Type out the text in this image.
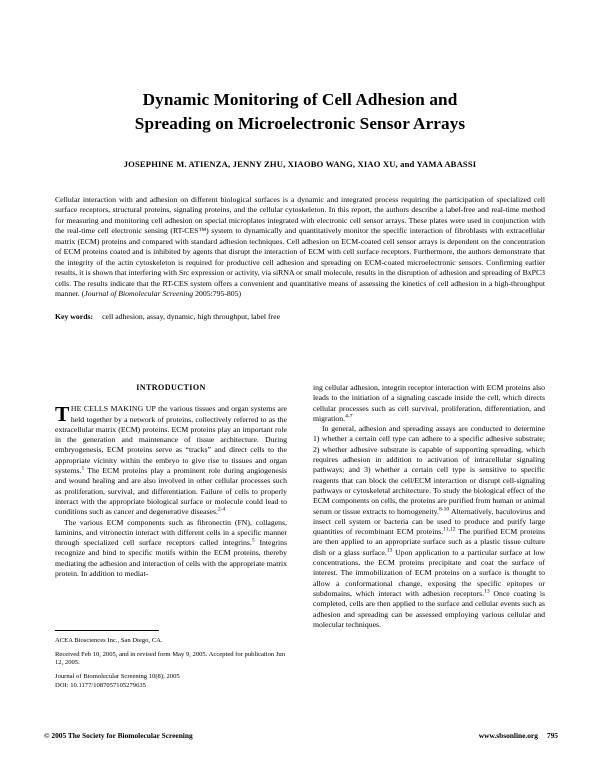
Dynamic Monitoring of Cell Adhesion and
Spreading on Microelectronic Sensor Arrays
JOSEPHINE M. ATIENZA, JENNY ZHU, XIAOBO WANG, XIAO XU, and YAMA ABASSI
Cellular interaction with and adhesion on different biological surfaces is a dynamic and integrated process requiring the participation of specialized cell surface receptors, structural proteins, signaling proteins, and the cellular cytoskeleton. In this report, the authors describe a label-free and real-time method for measuring and monitoring cell adhesion on special microplates integrated with electronic cell sensor arrays. These plates were used in conjunction with the real-time cell electronic sensing (RT-CES™) system to dynamically and quantitatively monitor the specific interaction of fibroblasts with extracellular matrix (ECM) proteins and compared with standard adhesion techniques. Cell adhesion on ECM-coated cell sensor arrays is dependent on the concentration of ECM proteins coated and is inhibited by agents that disrupt the interaction of ECM with cell surface receptors. Furthermore, the authors demonstrate that the integrity of the actin cytoskeleton is required for productive cell adhesion and spreading on ECM-coated microelectronic sensors. Confirming earlier results, it is shown that interfering with Src expression or activity, via siRNA or small molecule, results in the disruption of adhesion and spreading of BxPC3 cells. The results indicate that the RT-CES system offers a convenient and quantitative means of assessing the kinetics of cell adhesion in a high-throughput manner. (Journal of Biomolecular Screening 2005:795-805)
Key words: cell adhesion, assay, dynamic, high throughput, label free
INTRODUCTION

THE CELLS MAKING UP the various tissues and organ systems are held together by a network of proteins, collectively referred to as the extracellular matrix (ECM) proteins. ECM proteins play an important role in the generation and maintenance of tissue architecture. During embryogenesis, ECM proteins serve as “tracks” and direct cells to the appropriate vicinity within the embryo to give rise to tissues and organ systems.$^1$ The ECM proteins play a prominent role during angiogenesis and wound healing and are also involved in other cellular processes such as proliferation, survival, and differentiation. Failure of cells to properly interact with the appropriate biological surface or molecule could lead to conditions such as cancer and degenerative diseases.$^{2-4}$

The various ECM components such as fibronectin (FN), collagens, laminins, and vitronectin interact with different cells in a specific manner through specialized cell surface receptors called integrins.$^5$ Integrins recognize and bind to specific motifs within the ECM proteins, thereby mediating the adhesion and interaction of cells with the appropriate matrix protein. In addition to mediat-

ing cellular adhesion, integrin receptor interaction with ECM proteins also leads to the initiation of a signaling cascade inside the cell, which directs cellular processes such as cell survival, proliferation, differentiation, and migration.$^{4-7}$

In general, adhesion and spreading assays are conducted to determine 1) whether a certain cell type can adhere to a specific adhesive substrate; 2) whether adhesive substrate is capable of supporting spreading, which requires adhesion in addition to activation of intracellular signaling pathways; and 3) whether a certain cell type is sensitive to specific reagents that can block the cell/ECM interaction or disrupt cell-signaling pathways or cytoskeletal architecture. To study the biological effect of the ECM components on cells, the proteins are purified from human or animal serum or tissue extracts to homogeneity.$^{8-10}$ Alternatively, baculovirus and insect cell system or bacteria can be used to produce and purify large quantities of recombinant ECM proteins.$^{11,12}$ The purified ECM proteins are then applied to an appropriate surface such as a plastic tissue culture dish or a glass surface.$^{13}$ Upon application to a particular surface at low concentrations, the ECM proteins precipitate and coat the surface of interest. The immobilization of ECM proteins on a surface is thought to allow a conformational change, exposing the specific epitopes or subdomains, which interact with adhesion receptors.$^{13}$ Once coating is completed, cells are then applied to the surface and cellular events such as adhesion and spreading can be assessed employing various cellular and molecular techniques.

ACEA Biosciences Inc., San Diego, CA.

Received Feb 10, 2005, and in revised form May 9, 2005. Accepted for publication Jun 12, 2005.

Journal of Biomolecular Screening 10(8); 2005

DOI: 10.1177/1087057105279635

© 2005 The Society for Biomolecular Screening	www.sbsonline.org 795
